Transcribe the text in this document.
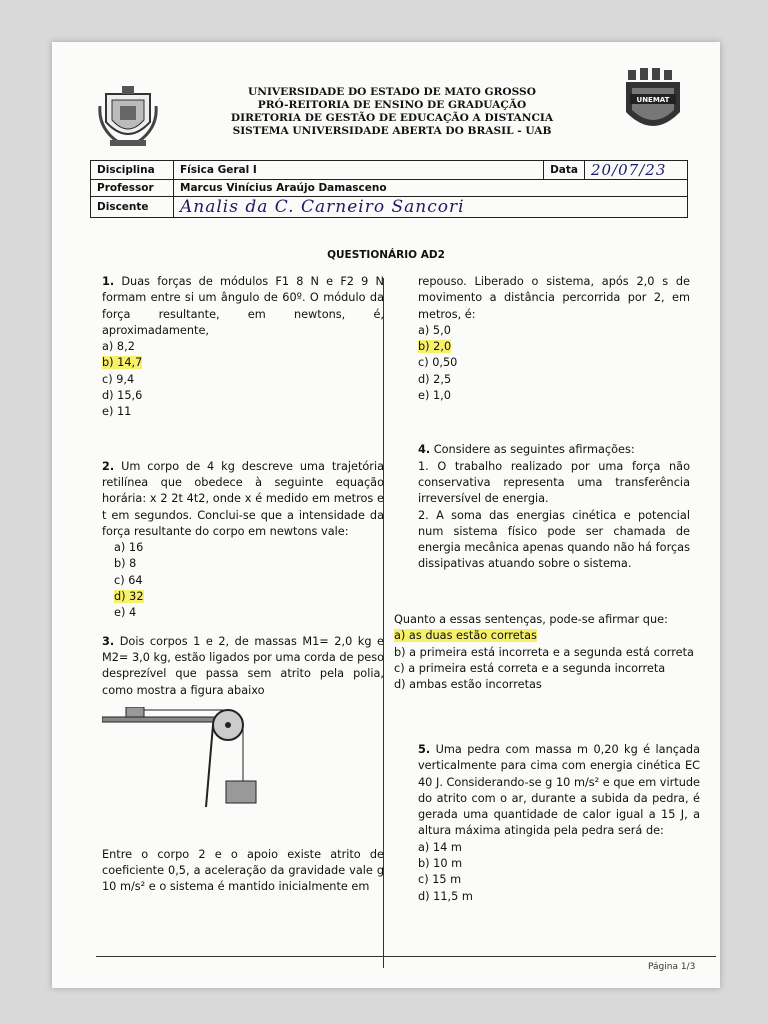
UNIVERSIDADE DO ESTADO DE MATO GROSSO
PRÓ-REITORIA DE ENSINO DE GRADUAÇÃO
DIRETORIA DE GESTÃO DE EDUCAÇÃO A DISTANCIA
SISTEMA UNIVERSIDADE ABERTA DO BRASIL - UAB
UNEMAT
Disciplina	Física Geral I	Data	20/07/23
Professor	Marcus Vinícius Araújo Damasceno		
Discente	Analis da C. Carneiro Sancori		
QUESTIONÁRIO AD2

1. Duas forças de módulos F1 8 N e F2 9 N formam entre si um ângulo de 60º. O módulo da força resultante, em newtons, é, aproximadamente,

a) 8,2
b) 14,7
c) 9,4
d) 15,6
e) 11

2. Um corpo de 4 kg descreve uma trajetória retilínea que obedece à seguinte equação horária: x 2 2t 4t2, onde x é medido em metros e t em segundos. Conclui-se que a intensidade da força resultante do corpo em newtons vale:

a) 16
b) 8
c) 64
d) 32
e) 4

3. Dois corpos 1 e 2, de massas M1= 2,0 kg e M2= 3,0 kg, estão ligados por uma corda de peso desprezível que passa sem atrito pela polia, como mostra a figura abaixo

Entre o corpo 2 e o apoio existe atrito de coeficiente 0,5, a aceleração da gravidade vale g 10 m/s² e o sistema é mantido inicialmente em

repouso. Liberado o sistema, após 2,0 s de movimento a distância percorrida por 2, em metros, é:

a) 5,0
b) 2,0
c) 0,50
d) 2,5
e) 1,0

4. Considere as seguintes afirmações:

1. O trabalho realizado por uma força não conservativa representa uma transferência irreversível de energia.

2. A soma das energias cinética e potencial num sistema físico pode ser chamada de energia mecânica apenas quando não há forças dissipativas atuando sobre o sistema.

Quanto a essas sentenças, pode-se afirmar que:

a) as duas estão corretas
b) a primeira está incorreta e a segunda está correta
c) a primeira está correta e a segunda incorreta
d) ambas estão incorretas

5. Uma pedra com massa m 0,20 kg é lançada verticalmente para cima com energia cinética EC 40 J. Considerando-se g 10 m/s² e que em virtude do atrito com o ar, durante a subida da pedra, é gerada uma quantidade de calor igual a 15 J, a altura máxima atingida pela pedra será de:

a) 14 m
b) 10 m
c) 15 m
d) 11,5 m
Página 1/3
